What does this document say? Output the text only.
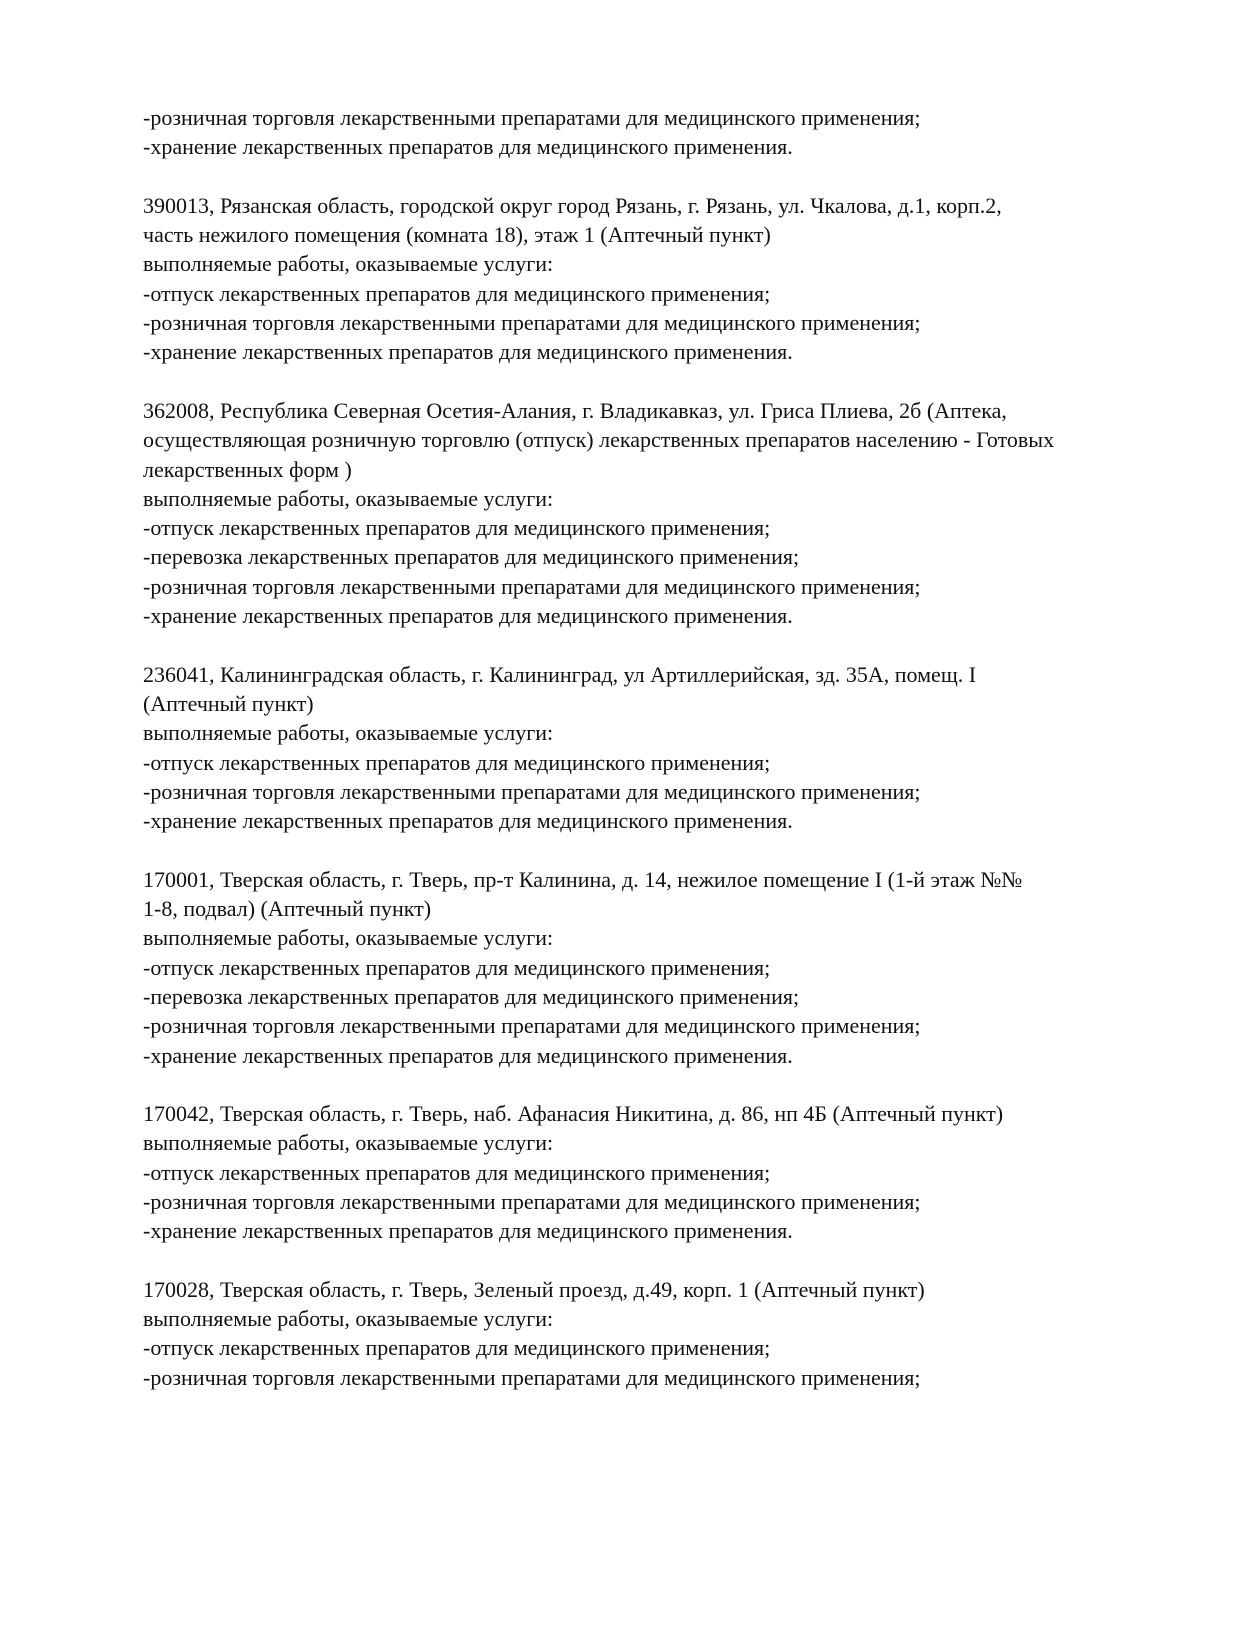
-розничная торговля лекарственными препаратами для медицинского применения;

-хранение лекарственных препаратов для медицинского применения.

390013, Рязанская область, городской округ город Рязань, г. Рязань, ул. Чкалова, д.1, корп.2,

часть нежилого помещения (комната 18), этаж 1 (Аптечный пункт)

выполняемые работы, оказываемые услуги:

-отпуск лекарственных препаратов для медицинского применения;

-розничная торговля лекарственными препаратами для медицинского применения;

-хранение лекарственных препаратов для медицинского применения.

362008, Республика Северная Осетия-Алания, г. Владикавказ, ул. Гриса Плиева, 2б (Аптека,

осуществляющая розничную торговлю (отпуск) лекарственных препаратов населению - Готовых

лекарственных форм )

выполняемые работы, оказываемые услуги:

-отпуск лекарственных препаратов для медицинского применения;

-перевозка лекарственных препаратов для медицинского применения;

-розничная торговля лекарственными препаратами для медицинского применения;

-хранение лекарственных препаратов для медицинского применения.

236041, Калининградская область, г. Калининград, ул Артиллерийская, зд. 35А, помещ. I

(Аптечный пункт)

выполняемые работы, оказываемые услуги:

-отпуск лекарственных препаратов для медицинского применения;

-розничная торговля лекарственными препаратами для медицинского применения;

-хранение лекарственных препаратов для медицинского применения.

170001, Тверская область, г. Тверь, пр-т Калинина, д. 14, нежилое помещение I (1-й этаж №№

1-8, подвал) (Аптечный пункт)

выполняемые работы, оказываемые услуги:

-отпуск лекарственных препаратов для медицинского применения;

-перевозка лекарственных препаратов для медицинского применения;

-розничная торговля лекарственными препаратами для медицинского применения;

-хранение лекарственных препаратов для медицинского применения.

170042, Тверская область, г. Тверь, наб. Афанасия Никитина, д. 86, нп 4Б (Аптечный пункт)

выполняемые работы, оказываемые услуги:

-отпуск лекарственных препаратов для медицинского применения;

-розничная торговля лекарственными препаратами для медицинского применения;

-хранение лекарственных препаратов для медицинского применения.

170028, Тверская область, г. Тверь, Зеленый проезд, д.49, корп. 1 (Аптечный пункт)

выполняемые работы, оказываемые услуги:

-отпуск лекарственных препаратов для медицинского применения;

-розничная торговля лекарственными препаратами для медицинского применения;
